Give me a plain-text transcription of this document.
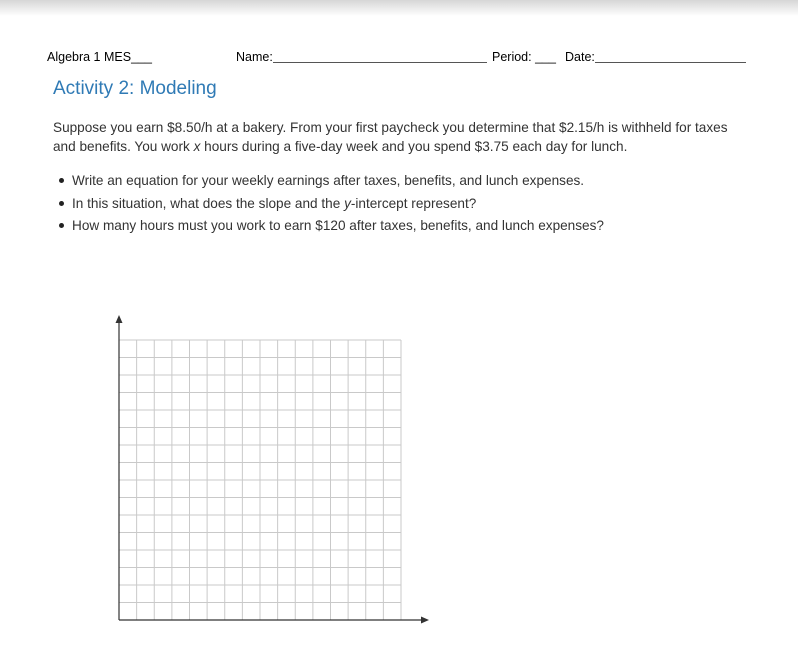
Algebra 1 MES___	Name:	Period: ___ Date:
Activity 2: Modeling
Suppose you earn $8.50/h at a bakery. From your first paycheck you determine that $2.15/h is withheld for taxes and benefits. You work x hours during a five-day week and you spend $3.75 each day for lunch.
Write an equation for your weekly earnings after taxes, benefits, and lunch expenses.
In this situation, what does the slope and the y-intercept represent?
How many hours must you work to earn $120 after taxes, benefits, and lunch expenses?
